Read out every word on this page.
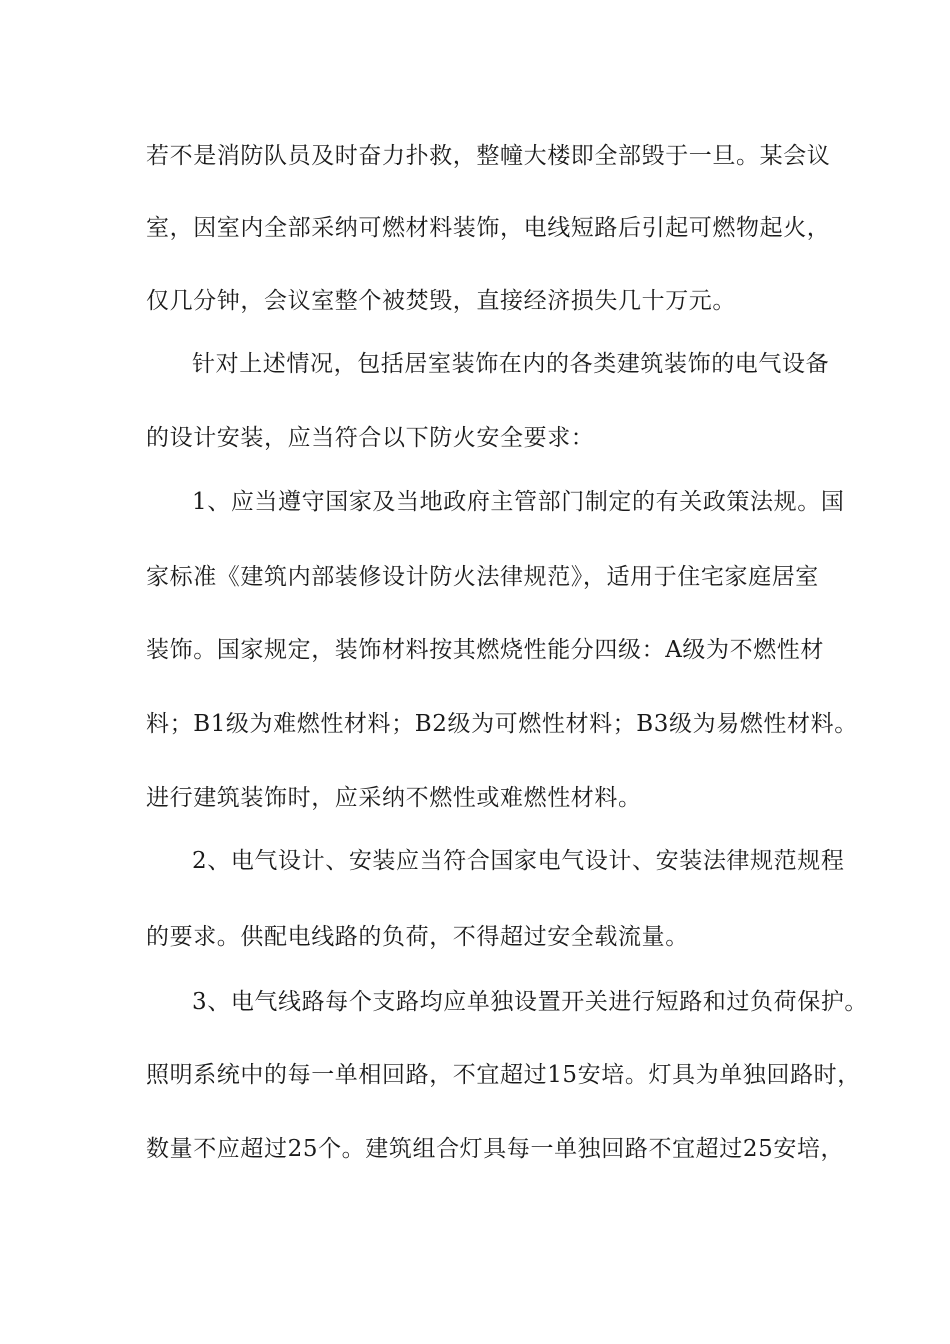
若不是消防队员及时奋力扑救，整幢大楼即全部毁于一旦。某会议
室，因室内全部采纳可燃材料装饰，电线短路后引起可燃物起火，
仅几分钟，会议室整个被焚毁，直接经济损失几十万元。
针对上述情况，包括居室装饰在内的各类建筑装饰的电气设备
的设计安装，应当符合以下防火安全要求：
1、应当遵守国家及当地政府主管部门制定的有关政策法规。国
家标准《建筑内部装修设计防火法律规范》，适用于住宅家庭居室
装饰。国家规定，装饰材料按其燃烧性能分四级：A级为不燃性材
料；B1级为难燃性材料；B2级为可燃性材料；B3级为易燃性材料。
进行建筑装饰时，应采纳不燃性或难燃性材料。
2、电气设计、安装应当符合国家电气设计、安装法律规范规程
的要求。供配电线路的负荷，不得超过安全载流量。
3、电气线路每个支路均应单独设置开关进行短路和过负荷保护。
照明系统中的每一单相回路，不宜超过15安培。灯具为单独回路时，
数量不应超过25个。建筑组合灯具每一单独回路不宜超过25安培，
